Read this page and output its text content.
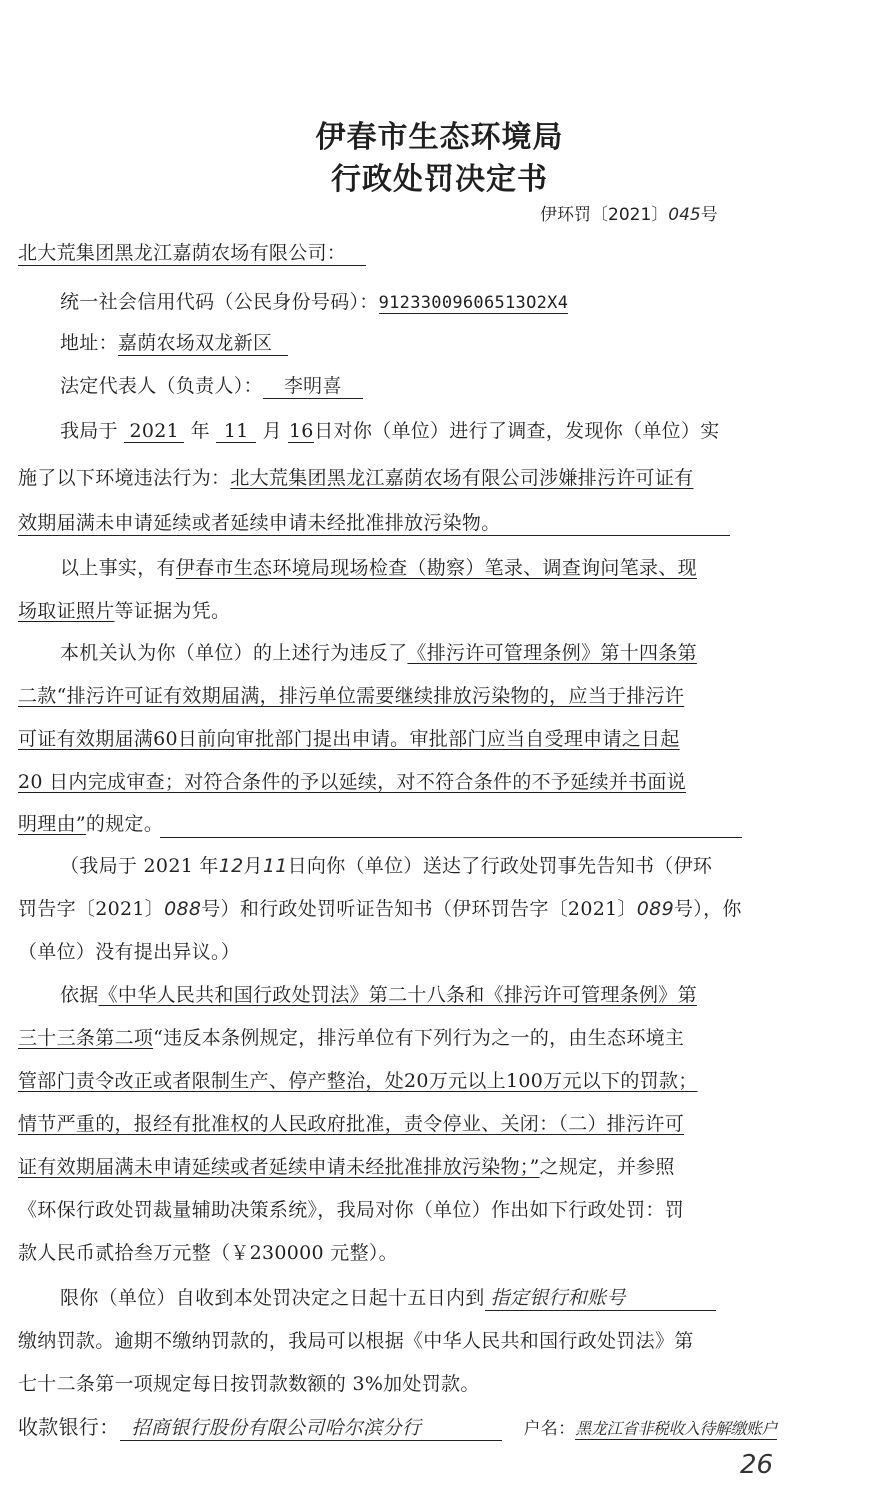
伊春市生态环境局
行政处罚决定书
伊环罚〔2021〕045号
北大荒集团黑龙江嘉荫农场有限公司：
统一社会信用代码（公民身份号码）：91233009606513O2X4
地址：嘉荫农场双龙新区
法定代表人（负责人）： 李明喜
我局于 2021 年 11 月 16日对你（单位）进行了调查，发现你（单位）实
施了以下环境违法行为：北大荒集团黑龙江嘉荫农场有限公司涉嫌排污许可证有
效期届满未申请延续或者延续申请未经批准排放污染物。
以上事实，有伊春市生态环境局现场检查（勘察）笔录、调查询问笔录、现
场取证照片等证据为凭。
本机关认为你（单位）的上述行为违反了《排污许可管理条例》第十四条第
二款“排污许可证有效期届满，排污单位需要继续排放污染物的，应当于排污许
可证有效期届满60日前向审批部门提出申请。审批部门应当自受理申请之日起
20 日内完成审查；对符合条件的予以延续，对不符合条件的不予延续并书面说
明理由”的规定。
（我局于 2021 年12月11日向你（单位）送达了行政处罚事先告知书（伊环
罚告字〔2021〕088号）和行政处罚听证告知书（伊环罚告字〔2021〕089号），你
（单位）没有提出异议。）
依据《中华人民共和国行政处罚法》第二十八条和《排污许可管理条例》第
三十三条第二项“违反本条例规定，排污单位有下列行为之一的，由生态环境主
管部门责令改正或者限制生产、停产整治，处20万元以上100万元以下的罚款；
情节严重的，报经有批准权的人民政府批准，责令停业、关闭：（二）排污许可
证有效期届满未申请延续或者延续申请未经批准排放污染物；”之规定，并参照
《环保行政处罚裁量辅助决策系统》，我局对你（单位）作出如下行政处罚：罚
款人民币贰拾叁万元整（￥230000 元整）。
限你（单位）自收到本处罚决定之日起十五日内到 指定银行和账号
缴纳罚款。逾期不缴纳罚款的，我局可以根据《中华人民共和国行政处罚法》第
七十二条第一项规定每日按罚款数额的 3%加处罚款。
收款银行： 招商银行股份有限公司哈尔滨分行	户名：黑龙江省非税收入待解缴账户
26
